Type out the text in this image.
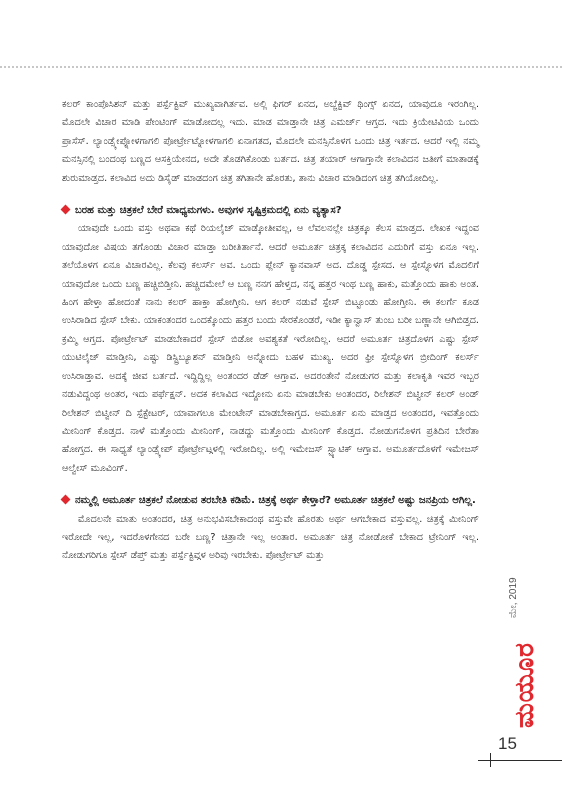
ಕಲರ್ ಕಾಂಪೊಸಿಶನ್ ಮತ್ತು ಪರ್ಸ್ಪೆಕ್ಟಿವ್ ಮುಖ್ಯವಾಗಿರ್ತವ. ಅಲ್ಲಿ ಫಿಗರ್ ಏನದ, ಅಬ್ಜೆಕ್ಟಿವ್ ಥಿಂಗ್ಸ್ ಏನದ, ಯಾವುದೂ ಇರಂಗಿಲ್ಲ. ಮೊದಲೇ ವಿಚಾರ ಮಾಡಿ ಪೇಂಟಿಂಗ್ ಮಾಡೋದಲ್ಲ ಇದು. ಮಾಡ ಮಾಡ್ತಾನೇ ಚಿತ್ರ ಎಮರ್ಜ್ ಆಗ್ತದ. ಇದು ಕ್ರಿಯೇಟಿವಿಯ ಒಂದು ಪ್ರಾಸೆಸ್. ಲ್ಯಾಂಡ್ಸ್ಕೇಪ್ನೋಳಗಾಗಲಿ ಪೋರ್ಟ್ರೇಟ್ನೋಳಗಾಗಲಿ ಏನಾಗತದ, ಮೊದಲೇ ಮನಸ್ಸಿನೊಳಗ ಒಂದು ಚಿತ್ರ ಇರ್ತದ. ಆದರೆ ಇಲ್ಲಿ ನಮ್ಮ ಮನಸ್ಸಿನಲ್ಲಿ ಬಂದಂಥ ಬಣ್ಣದ ಆಸಕ್ತಿಯೇನದ, ಅದೇ ತೊಡಗಿಕೊಂಡು ಬರ್ತದ. ಚಿತ್ರ ತಯಾರ್ ಆಗಾಗ್ತಾನೇ ಕಲಾವಿದನ ಜತೀಗೆ ಮಾತಾಡಕ್ಕೆ ಶುರುಮಾಡ್ತದ. ಕಲಾವಿದ ಅದು ಡಿಸೈಡ್ ಮಾಡದಂಗ ಚಿತ್ರ ತಗಿತಾನೇ ಹೊರತು, ತಾನು ವಿಚಾರ ಮಾಡಿದಂಗ ಚಿತ್ರ ತಗಿಯೋದಿಲ್ಲ.

ಬರಹ ಮತ್ತು ಚಿತ್ರಕಲೆ ಬೇರೆ ಮಾಧ್ಯಮಗಳು. ಅವುಗಳ ಸೃಷ್ಟಿಕ್ರಮದಲ್ಲಿ ಏನು ವ್ಯತ್ಯಾಸ?

ಯಾವುದೇ ಒಂದು ವಸ್ತು ಅಥವಾ ಕಥೆ ರಿಯಲೈಜ್ ಮಾಡ್ಕೋತೀವಲ್ಲ, ಆ ಲೆವಲನಲ್ಲೇ ಚಿತ್ರಕ್ಕೂ ಕೆಲಸ ಮಾಡ್ತದ. ಲೇಖಕ ಇದ್ದಂವ ಯಾವುದೋ ವಿಷಯ ತಗೊಂಡು ವಿಚಾರ ಮಾಡ್ತಾ ಬರೀತಿರ್ತಾನೆ. ಆದರೆ ಅಮೂರ್ತ ಚಿತ್ರಕ್ಕ ಕಲಾವಿದನ ಎದುರಿಗೆ ವಸ್ತು ಏನೂ ಇಲ್ಲ. ತಲೆಯೊಳಗ ಏನೂ ವಿಚಾರವಿಲ್ಲ. ಕೆಲವು ಕಲರ್ಸ್ ಅವ. ಒಂದು ಪ್ಲೇನ್ ಕ್ಯಾನವಾಸ್ ಅದ. ದೊಡ್ಡ ಸ್ಪೇಸದ. ಆ ಸ್ಪೇಸ್ನೊಳಗ ಮೊದಲಿಗೆ ಯಾವುದೋ ಒಂದು ಬಣ್ಣ ಹಚ್ಚಿಬಿಡ್ತೀನಿ. ಹಚ್ಚಿದಮೇಲೆ ಆ ಬಣ್ಣ ನನಗ ಹೇಳ್ತದ, ನನ್ನ ಹತ್ತರ ಇಂಥ ಬಣ್ಣ ಹಾಕು, ಮತ್ತೊಂದು ಹಾಕು ಅಂತ. ಹಿಂಗ ಹೇಳ್ತಾ ಹೋದಂತೆ ನಾನು ಕಲರ್ ಹಾಕ್ತಾ ಹೋಗ್ತೀನಿ. ಆಗ ಕಲರ್ ನಡುವೆ ಸ್ಪೇಸ್ ಬಿಟ್ಟೂಂಡು ಹೋಗ್ತೀನಿ. ಈ ಕಲರ್ಗೆ ಕೂಡ ಉಸಿರಾಡಿದ ಸ್ಪೇಸ್ ಬೇಕು. ಯಾಕಂತಂದರ ಒಂದಕ್ಕೊಂದು ಹತ್ತರ ಬಂದು ಸೇರಕೊಂಡರೆ, ಇಡೀ ಕ್ಯಾನ್ವಾಸ್ ತುಂಬ ಬರೀ ಬಣ್ಣಾನೇ ಆಗಿಬಿಡ್ತದ. ಕ್ರಮ್ಮಿ ಆಗ್ತದ. ಪೋರ್ಟ್ರೇಟ್ ಮಾಡಬೇಕಾದರೆ ಸ್ಪೇಸ್ ಬಿಡೋ ಅವಶ್ಯಕತೆ ಇರೋದಿಲ್ಲ. ಆದರೆ ಅಮೂರ್ತ ಚಿತ್ರದೊಳಗ ಎಷ್ಟು ಸ್ಪೇಸ್ ಯುಟಿಲೈಜ್ ಮಾಡ್ತೀನಿ, ಎಷ್ಟು ಡಿಸ್ಟ್ರಿಬ್ಯೂಶನ್ ಮಾಡ್ತೀನಿ ಅನ್ನೋದು ಬಹಳ ಮುಖ್ಯ. ಅದರ ಫ್ರೀ ಸ್ಪೇಸ್ನೊಳಗ ಬ್ರೀದಿಂಗ್ ಕಲರ್ಸ್ ಉಸಿರಾಡ್ತಾವ. ಅದಕ್ಕೆ ಜೀವ ಬರ್ತದೆ. ಇದ್ದಿದ್ದಿಲ್ಲ ಅಂತಂದರ ಡೆಡ್ ಆಗ್ತಾವ. ಅದರಂತೇನೆ ನೋಡುಗರ ಮತ್ತು ಕಲಾಕೃತಿ ಇವರ ಇಬ್ಬರ ನಡುವಿದ್ದಂಥ ಅಂತರ, ಇದು ಪರ್ಫೆಕ್ಷನ್. ಅದಕ ಕಲಾವಿದ ಇದ್ದೋನು ಏನು ಮಾಡಬೇಕು ಅಂತಂದರ, ರಿಲೇಶನ್ ಬಿಟ್ವೀನ್ ಕಲರ್ ಅಂಡ್ ರಿಲೇಶನ್ ಬಿಟ್ವೀನ್ ದಿ ಸ್ಪೆಕ್ಟೇಟರ್, ಯಾವಾಗಲೂ ಮೇಂಟೇನ್ ಮಾಡಬೇಕಾಗ್ತದ. ಅಮೂರ್ತ ಏನು ಮಾಡ್ತದ ಅಂತಂದರ, ಇವತ್ತೊಂದು ಮೀನಿಂಗ್ ಕೊಡ್ತದ. ನಾಳೆ ಮತ್ತೊಂದು ಮೀನಿಂಗ್, ನಾಡದ್ದು ಮತ್ತೊಂದು ಮೀನಿಂಗ್ ಕೊಡ್ತದ. ನೋಡುಗನೊಳಗ ಪ್ರತಿದಿನ ಬೇರೆತಾ ಹೋಗ್ತದ. ಈ ಸಾಧ್ಯತೆ ಲ್ಯಾಂಡ್ಸ್ಕೇಪ್ ಪೋರ್ಟ್ರೇಟ್ಗಳಲ್ಲಿ ಇರೋದಿಲ್ಲ. ಅಲ್ಲಿ ಇಮೇಜಸ್ ಸ್ಟ್ಯಾಟಿಕ್ ಆಗ್ತಾವ. ಅಮೂರ್ತದೊಳಗೆ ಇಮೇಜಸ್ ಆಲ್ವೇಸ್ ಮೂವಿಂಗ್.

ನಮ್ಮಲ್ಲಿ ಅಮೂರ್ತ ಚಿತ್ರಕಲೆ ನೋಡುವ ತರಬೇತಿ ಕಡಿಮೆ. ಚಿತ್ರಕ್ಕೆ ಅರ್ಥ ಕೇಳ್ತಾರೆ? ಅಮೂರ್ತ ಚಿತ್ರಕಲೆ ಅಷ್ಟು ಜನಪ್ರಿಯ ಆಗಿಲ್ಲ.

ಮೊದಲನೇ ಮಾತು ಅಂತಂದರ, ಚಿತ್ರ ಅನುಭವಿಸಬೇಕಾದಂಥ ವಸ್ತುವೇ ಹೊರತು ಅರ್ಥ ಆಗಬೇಕಾದ ವಸ್ತುವಲ್ಲ. ಚಿತ್ರಕ್ಕೆ ಮೀನಿಂಗ್ ಇರೋದೇ ಇಲ್ಲ, ಇದರೊಳಗೇನದ ಬರೇ ಬಣ್ಣ? ಚಿತ್ರಾನೇ ಇಲ್ಲ ಅಂತಾರ. ಅಮೂರ್ತ ಚಿತ್ರ ನೋಡೋಕೆ ಬೇಕಾದ ಟ್ರೇನಿಂಗ್ ಇಲ್ಲ. ನೋಡುಗರಿಗೂ ಸ್ಪೇಸ್ ಡೆಪ್ತ್ ಮತ್ತು ಪರ್ಸ್ಪೆಕ್ಟಿವ್ಗಳ ಅರಿವು ಇರಬೇಕು. ಪೋರ್ಟ್ರೇಟ್ ಮತ್ತು

ಮೇ, 2019
ಮಯೂರ
15
